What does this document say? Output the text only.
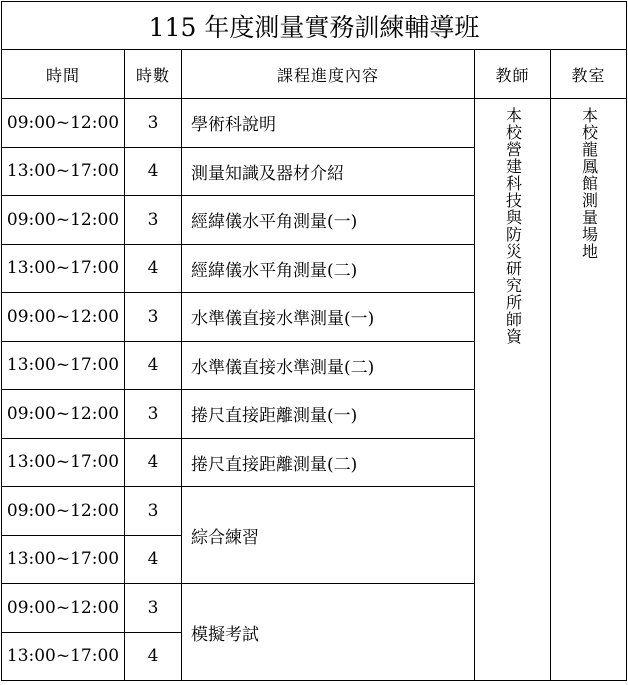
115 年度測量實務訓練輔導班				
時間	時數	課程進度內容	教師	教室
09:00~12:00	3	學術科說明	本校營建科技與防災研究所師資	本校龍鳳館測量場地
13:00~17:00	4	測量知識及器材介紹		
09:00~12:00	3	經緯儀水平角測量(一)		
13:00~17:00	4	經緯儀水平角測量(二)		
09:00~12:00	3	水準儀直接水準測量(一)		
13:00~17:00	4	水準儀直接水準測量(二)		
09:00~12:00	3	捲尺直接距離測量(一)		
13:00~17:00	4	捲尺直接距離測量(二)		
09:00~12:00	3	綜合練習		
13:00~17:00	4			
09:00~12:00	3	模擬考試		
13:00~17:00	4			
